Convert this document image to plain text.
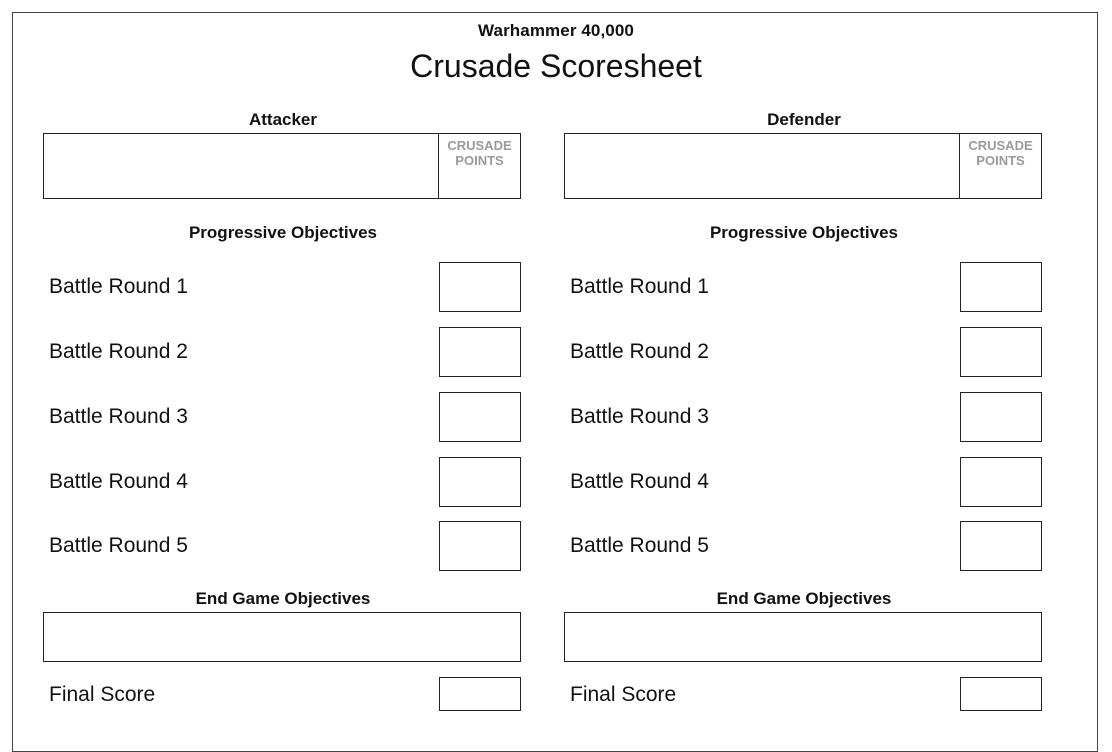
Warhammer 40,000
Crusade Scoresheet
Attacker
CRUSADE POINTS
Progressive Objectives
Battle Round 1
Battle Round 2
Battle Round 3
Battle Round 4
Battle Round 5
End Game Objectives
Final Score
Defender
CRUSADE POINTS
Progressive Objectives
Battle Round 1
Battle Round 2
Battle Round 3
Battle Round 4
Battle Round 5
End Game Objectives
Final Score
